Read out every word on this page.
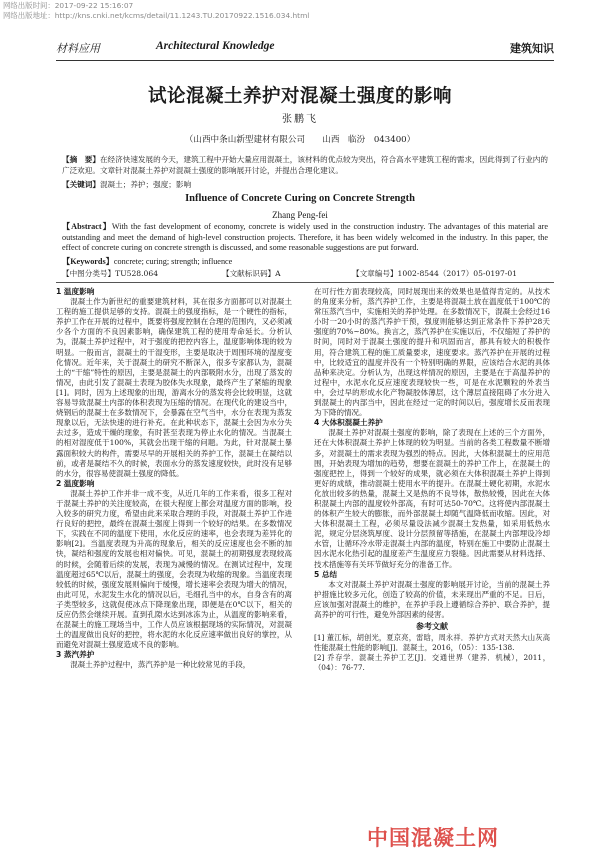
网络出版时间：2017-09-22 15:16:07
网络出版地址：http://kns.cnki.net/kcms/detail/11.1243.TU.20170922.1516.034.html
材料应用	Architectural Knowledge	建筑知识
试论混凝土养护对混凝土强度的影响
张鹏飞
（山西中条山新型建材有限公司　　山西　临汾　043400）
【摘　要】在经济快速发展的今天，建筑工程中开始大量应用混凝土，该材料的优点较为突出，符合高水平建筑工程的需求，因此得到了行业内的广泛欢迎。文章针对混凝土养护对混凝土强度的影响展开讨论，并提出合理化建议。
【关键词】混凝土；养护；强度；影响
Influence of Concrete Curing on Concrete Strength
Zhang Peng-fei
【Abstract】With the fast development of economy, concrete is widely used in the construction industry. The advantages of this material are outstanding and meet the demand of high-level construction projects. Therefore, it has been widely welcomed in the industry. In this paper, the effect of concrete curing on concrete strength is discussed, and some reasonable suggestions are put forward.
【Keywords】concrete; curing; strength; influence
【中图分类号】TU528.064	【文献标识码】A	【文章编号】1002-8544（2017）05-0197-01
1 温度影响

混凝土作为新世纪的重要建筑材料，其在很多方面都可以对混凝土工程的施工提供足够的支持。混凝土的强度指标，是一个硬性的指标，养护工作在开展的过程中，既要将强度控制在合理的范围内，又必须减少各个方面的不良因素影响，确保建筑工程的使用寿命延长。分析认为，混凝土养护过程中，对于强度的把控内容上，温度影响体现的较为明显。一般而言，混凝土的干湿变形，主要是取决于周围环境的湿度变化情况。近年来，关于混凝土的研究不断深入，很多专家都认为，混凝土的“干缩”特性的原因，主要是混凝土的内部吸附水分，出现了蒸发的情况，由此引发了混凝土表现为胶体失水现象，最终产生了紧缩的现象[1]。同时，因为上述现象的出现，游离水分的蒸发将会比较明显，这就容易导致混凝土内部的体积表现为压缩的情况。在现代化的建设当中，烧钢后的混凝土在多数情况下，会暴露在空气当中，水分在表现为蒸发现象以后，无法快速的进行补充。在此种状态下，混凝土会因为水分失去过多，造成干燥的现象，有时甚至表现为停止水化的情况。当混凝土的相对湿度低于100%，其就会出现干缩的问题。为此，针对混凝土暴露面积较大的构件，需要尽早的开展相关的养护工作，混凝土在凝结以前，或者是凝结不久的时候，表面水分的蒸发速度较快，此时没有足够的水分，很容易使混凝土强度的降低。

2 温度影响

混凝土养护工作并非一成不变，从近几年的工作来看，很多工程对于混凝土养护的关注度较高，在很大程度上都会对温度方面的影响，投入较多的研究力度，希望由此来采取合理的手段，对混凝土养护工作进行良好的把控，最终在混凝土强度上得到一个较好的结果。在多数情况下，实践在不同的温度下使用，水化反应的速率，也会表现为差异化的影响[2]。当温度表现为升高的现象后，相关的反应速度也会不断的加快，凝结和强度的发展也相对偏快。可见，混凝土的初期强度表现较高的时候，会随着后续的发展，表现为减慢的情况。在测试过程中，发现温度超过65℃以后，混凝土的强度，会表现为收缩的现象。当温度表现较低的时候，强度发展则偏向于缓慢，增长速率会表现为增大的情况，由此可见，水泥发生水化的情况以后，毛细孔当中的水，自身含有的离子类型较多，这就促使冰点下降现象出现，即便是在0℃以下，相关的反应仍然会继续开展。直到孔隙水达到冰冻为止，从温度的影响来看，在混凝土的施工现场当中，工作人员应该根据现场的实际情况，对混凝土的温度做出良好的把控，将水泥的水化反应速率做出良好的掌控，从而避免对混凝土强度造成不良的影响。

3 蒸汽养护

混凝土养护过程中，蒸汽养护是一种比较常见的手段，

在可行性方面表现较高，同时展现出来的效果也是值得肯定的。从技术的角度来分析，蒸汽养护工作，主要是将混凝土放在温度低于100℃的常压蒸汽当中，实施相关的养护处理。在多数情况下，混凝土会经过16小时一20小时的蒸汽养护干预，强度则能够达到正常条件下养护28天强度的70%~80%。换言之，蒸汽养护在实施以后，不仅缩短了养护的时间，同时对于混凝土强度的提升和巩固而言，都具有较大的积极作用，符合建筑工程的施工质量要求，速度要求。蒸汽养护在开展的过程中，比较适宜的温度并没有一个特别明确的界限，应该结合水泥的具体品种来决定。分析认为，出现这样情况的原因，主要是在于高温养护的过程中，水泥水化反应速度表现较快一些，可是在水泥颗粒的外表当中，会过早的形成水化产物凝胶体薄层，这个薄层直接阻碍了水分进入到混凝土的内部当中，因此在经过一定的时间以后，强度增长反而表现为下降的情况。

4 大体积混凝土养护

混凝土养护对混凝土强度的影响，除了表现在上述的三个方面外，还在大体积混凝土养护上体现的较为明显。当前的各类工程数量不断增多，对混凝土的需求表现为强烈的特点。因此，大体积混凝土的应用范围，开始表现为增加的趋势，想要在混凝土的养护工作上，在混凝土的强度把控上，得到一个较好的成果，就必须在大体积混凝土养护上得到更好的成绩，推动混凝土使用水平的提升。在混凝土硬化初期，水泥水化放出较多的热量，混凝土又是热的不良导体，散热较慢，因此在大体积混凝土内部的温度较外部高，有时可达50-70℃。这将使内部混凝土的体积产生较大的膨胀，而外部混凝土却随气温降低而收缩。因此，对大体积混凝土工程，必须尽量设法减少混凝土发热量，如采用低热水泥，规定分层浇筑厚度、设计分层预留等措施，在混凝土内部埋设冷却水管，让循环冷水带走混凝土内部的温度，特别在施工中要防止混凝土因水泥水化热引起的温度差产生温度应力裂缝。因此需要从材料选择、技术措施等有关环节做好充分的准备工作。

5 总结

本文对混凝土养护对混凝土强度的影响展开讨论，当前的混凝土养护措施比较多元化，创造了较高的价值，未来现出严重的不足。日后，应该加强对混凝土的维护，在养护手段上遵循综合养护、联合养护，提高养护的可行性，避免外部因素的侵害。

参考文献

[1] 董江标，胡创光，夏京亮，雷晗，周永祥．养护方式对天然大山灰高性能混凝土性能的影响[J]．混凝土，2016，（05）：135-138.

[2] 乔存学．混凝土养护工艺[J]．交通世界（建养．机械），2011，（04）：76-77.

中国混凝土网
